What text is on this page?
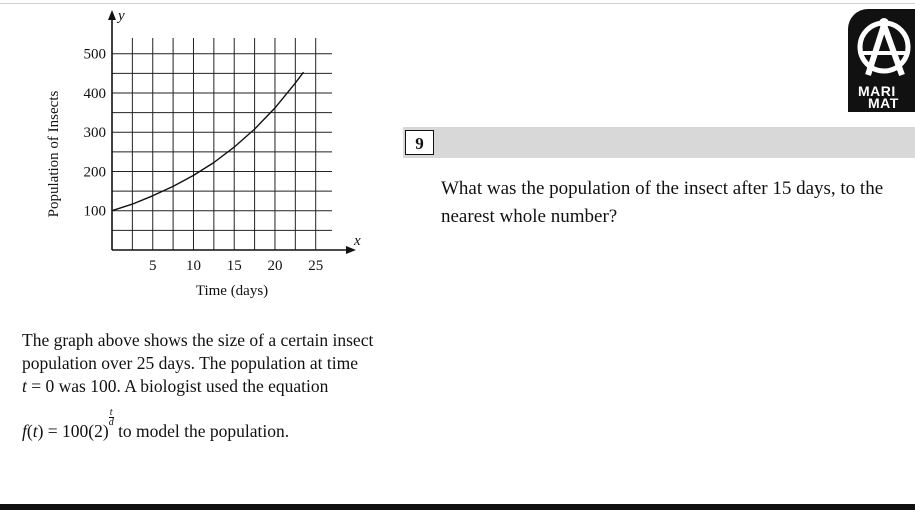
5 10 15 20 25
100
200
300
400
500
Time (days)
Population of Insects
x
y

The graph above shows the size of a certain insect

population over 25 days. The population at time

t = 0 was 100. A biologist used the equation

f(t) = 100(2)
$\frac{t}{d}$
to model the population.

9
What was the population of the insect after 15 days, to the nearest whole number?
MARI
MAT
